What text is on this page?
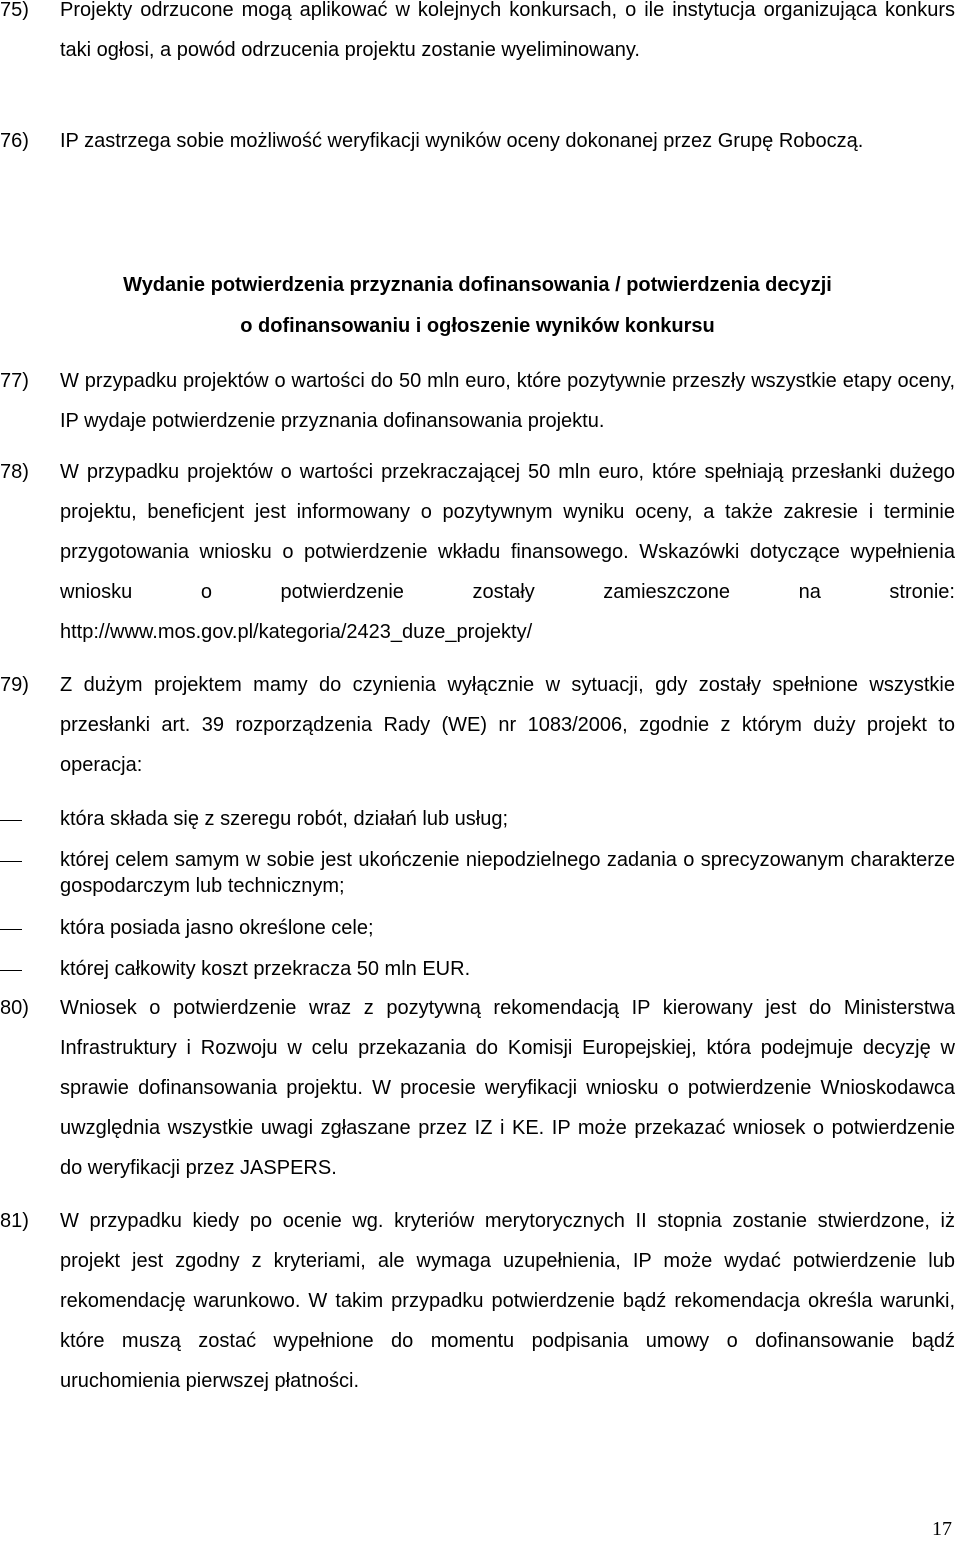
75)	Projekty odrzucone mogą aplikować w kolejnych konkursach, o ile instytucja organizująca konkurs taki ogłosi, a powód odrzucenia projektu zostanie wyeliminowany.
76)	IP zastrzega sobie możliwość weryfikacji wyników oceny dokonanej przez Grupę Roboczą.
Wydanie potwierdzenia przyznania dofinansowania / potwierdzenia decyzji
o dofinansowaniu i ogłoszenie wyników konkursu
77)	W przypadku projektów o wartości do 50 mln euro, które pozytywnie przeszły wszystkie etapy oceny, IP wydaje potwierdzenie przyznania dofinansowania projektu.
78)	W przypadku projektów o wartości przekraczającej 50 mln euro, które spełniają przesłanki dużego projektu, beneficjent jest informowany o pozytywnym wyniku oceny, a także zakresie i terminie przygotowania wniosku o potwierdzenie wkładu finansowego. Wskazówki dotyczące wypełnienia wniosku o potwierdzenie zostały zamieszczone na stronie: http://www.mos.gov.pl/kategoria/2423_duze_projekty/
79)	Z dużym projektem mamy do czynienia wyłącznie w sytuacji, gdy zostały spełnione wszystkie przesłanki art. 39 rozporządzenia Rady (WE) nr 1083/2006, zgodnie z którym duży projekt to operacja:
która składa się z szeregu robót, działań lub usług;
której celem samym w sobie jest ukończenie niepodzielnego zadania o sprecyzowanym charakterze gospodarczym lub technicznym;
która posiada jasno określone cele;
której całkowity koszt przekracza 50 mln EUR.
80)	Wniosek o potwierdzenie wraz z pozytywną rekomendacją IP kierowany jest do Ministerstwa Infrastruktury i Rozwoju w celu przekazania do Komisji Europejskiej, która podejmuje decyzję w sprawie dofinansowania projektu. W procesie weryfikacji wniosku o potwierdzenie Wnioskodawca uwzględnia wszystkie uwagi zgłaszane przez IZ i KE. IP może przekazać wniosek o potwierdzenie do weryfikacji przez JASPERS.
81)	W przypadku kiedy po ocenie wg. kryteriów merytorycznych II stopnia zostanie stwierdzone, iż projekt jest zgodny z kryteriami, ale wymaga uzupełnienia, IP może wydać potwierdzenie lub rekomendację warunkowo. W takim przypadku potwierdzenie bądź rekomendacja określa warunki, które muszą zostać wypełnione do momentu podpisania umowy o dofinansowanie bądź uruchomienia pierwszej płatności.
17
